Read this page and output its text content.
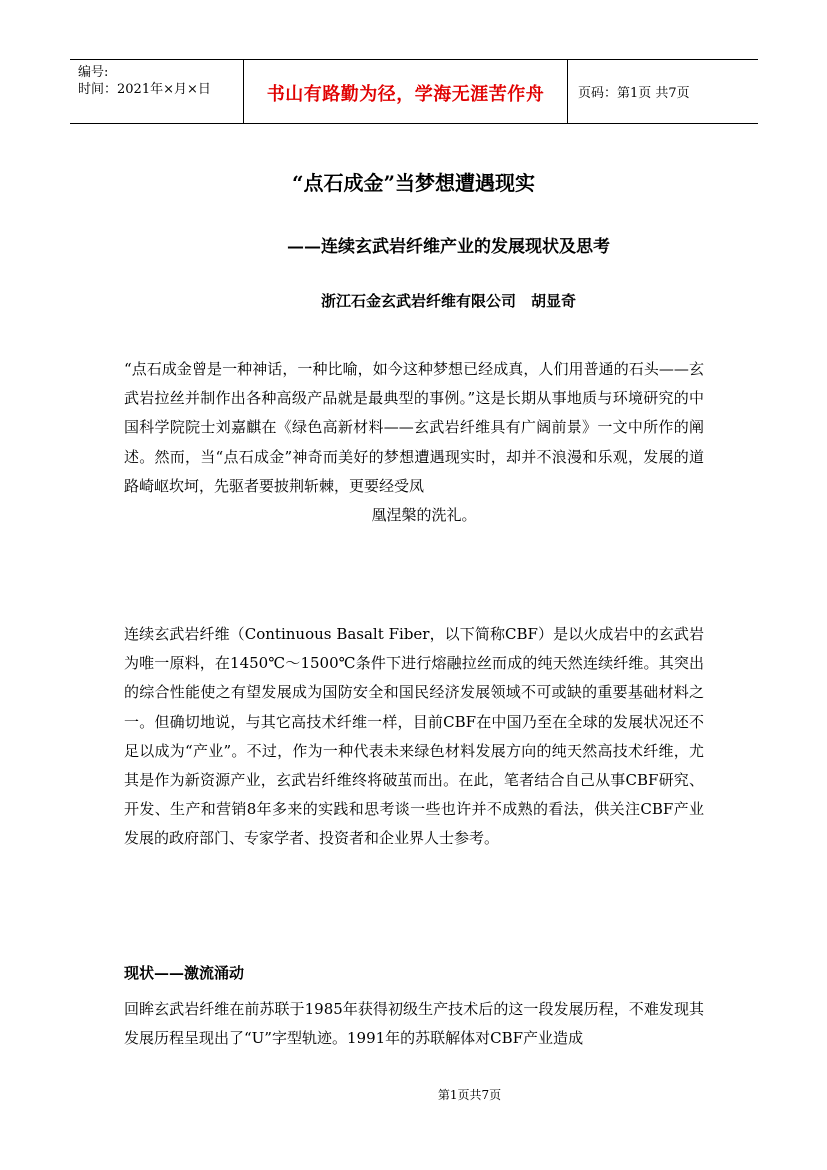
编号:
时间：2021年×月×日	书山有路勤为径，学海无涯苦作舟	页码：第1页 共7页
“点石成金”当梦想遭遇现实
——连续玄武岩纤维产业的发展现状及思考
浙江石金玄武岩纤维有限公司　胡显奇
“点石成金曾是一种神话，一种比喻，如今这种梦想已经成真，人们用普通的石头——玄武岩拉丝并制作出各种高级产品就是最典型的事例。”这是长期从事地质与环境研究的中国科学院院士刘嘉麒在《绿色高新材料——玄武岩纤维具有广阔前景》一文中所作的阐述。然而，当“点石成金”神奇而美好的梦想遭遇现实时，却并不浪漫和乐观，发展的道路崎岖坎坷，先驱者要披荆斩棘，更要经受凤
凰涅槃的洗礼。
连续玄武岩纤维（Continuous Basalt Fiber，以下简称CBF）是以火成岩中的玄武岩为唯一原料，在1450℃～1500℃条件下进行熔融拉丝而成的纯天然连续纤维。其突出的综合性能使之有望发展成为国防安全和国民经济发展领域不可或缺的重要基础材料之一。但确切地说，与其它高技术纤维一样，目前CBF在中国乃至在全球的发展状况还不足以成为“产业”。不过，作为一种代表未来绿色材料发展方向的纯天然高技术纤维，尤其是作为新资源产业，玄武岩纤维终将破茧而出。在此，笔者结合自己从事CBF研究、开发、生产和营销8年多来的实践和思考谈一些也许并不成熟的看法，供关注CBF产业发展的政府部门、专家学者、投资者和企业界人士参考。
现状——激流涌动
回眸玄武岩纤维在前苏联于1985年获得初级生产技术后的这一段发展历程，不难发现其发展历程呈现出了“U”字型轨迹。1991年的苏联解体对CBF产业造成
第1页共7页
